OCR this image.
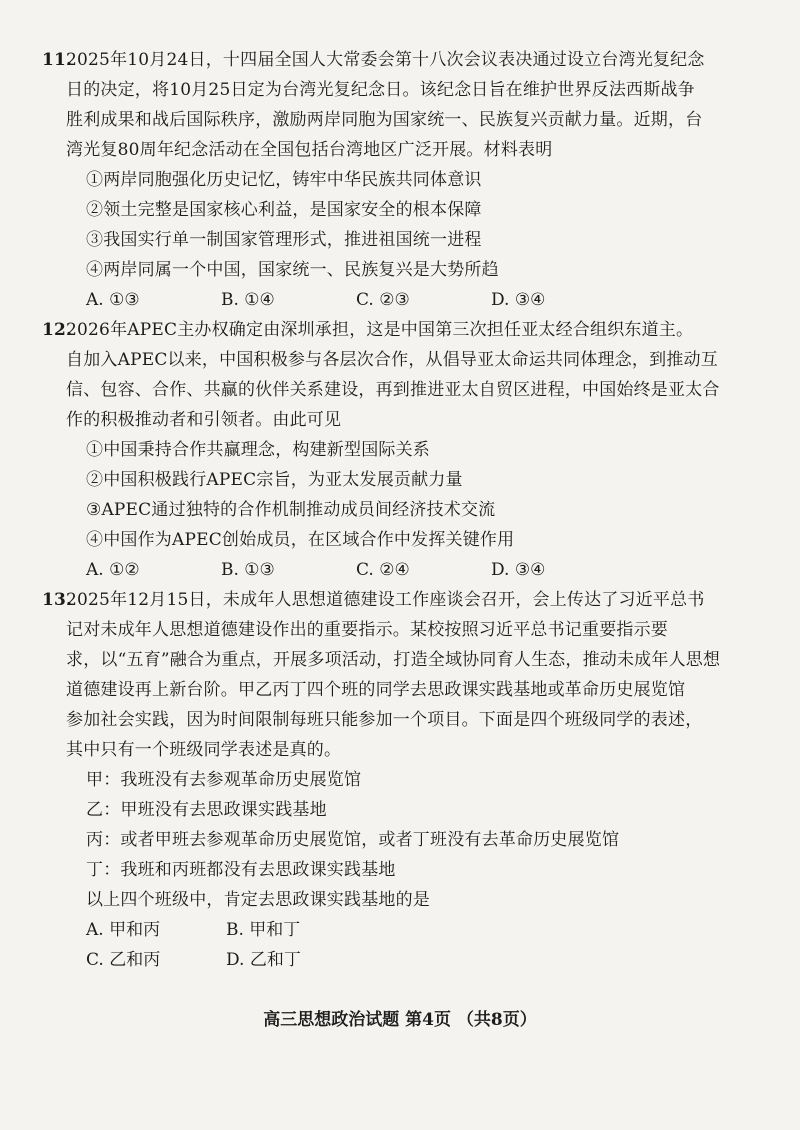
11.2025年10月24日，十四届全国人大常委会第十八次会议表决通过设立台湾光复纪念
日的决定，将10月25日定为台湾光复纪念日。该纪念日旨在维护世界反法西斯战争
胜利成果和战后国际秩序，激励两岸同胞为国家统一、民族复兴贡献力量。近期，台
湾光复80周年纪念活动在全国包括台湾地区广泛开展。材料表明
①两岸同胞强化历史记忆，铸牢中华民族共同体意识
②领土完整是国家核心利益，是国家安全的根本保障
③我国实行单一制国家管理形式，推进祖国统一进程
④两岸同属一个中国，国家统一、民族复兴是大势所趋
A. ①③	B. ①④	C. ②③	D. ③④
12.2026年APEC主办权确定由深圳承担，这是中国第三次担任亚太经合组织东道主。
自加入APEC以来，中国积极参与各层次合作，从倡导亚太命运共同体理念，到推动互
信、包容、合作、共赢的伙伴关系建设，再到推进亚太自贸区进程，中国始终是亚太合
作的积极推动者和引领者。由此可见
①中国秉持合作共赢理念，构建新型国际关系
②中国积极践行APEC宗旨，为亚太发展贡献力量
③APEC通过独特的合作机制推动成员间经济技术交流
④中国作为APEC创始成员，在区域合作中发挥关键作用
A. ①②	B. ①③	C. ②④	D. ③④
13.2025年12月15日，未成年人思想道德建设工作座谈会召开，会上传达了习近平总书
记对未成年人思想道德建设作出的重要指示。某校按照习近平总书记重要指示要
求，以“五育”融合为重点，开展多项活动，打造全域协同育人生态，推动未成年人思想
道德建设再上新台阶。甲乙丙丁四个班的同学去思政课实践基地或革命历史展览馆
参加社会实践，因为时间限制每班只能参加一个项目。下面是四个班级同学的表述，
其中只有一个班级同学表述是真的。
甲：我班没有去参观革命历史展览馆
乙：甲班没有去思政课实践基地
丙：或者甲班去参观革命历史展览馆，或者丁班没有去革命历史展览馆
丁：我班和丙班都没有去思政课实践基地
以上四个班级中，肯定去思政课实践基地的是
A. 甲和丙	B. 甲和丁
C. 乙和丙	D. 乙和丁
高三思想政治试题 第4页 （共8页）
